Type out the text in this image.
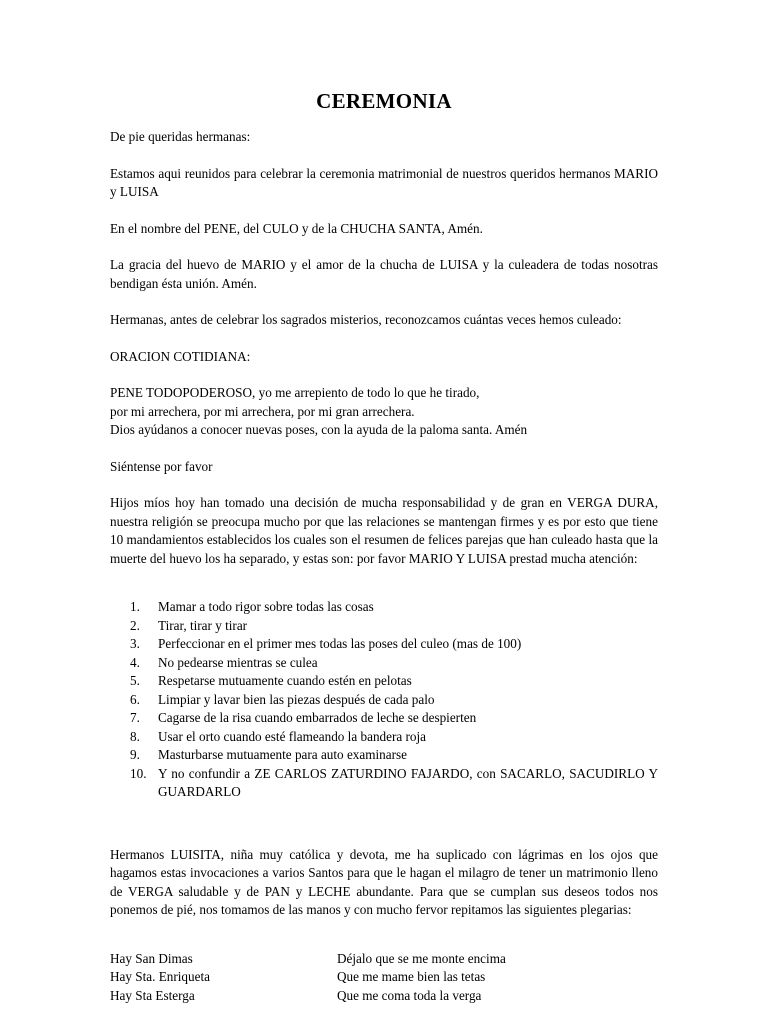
CEREMONIA

De pie queridas hermanas:

Estamos aqui reunidos para celebrar la ceremonia matrimonial de nuestros queridos hermanos MARIO y LUISA

En el nombre del PENE, del CULO y de la CHUCHA SANTA, Amén.

La gracia del huevo de MARIO y el amor de la chucha de LUISA y la culeadera de todas nosotras bendigan ésta unión. Amén.

Hermanas, antes de celebrar los sagrados misterios, reconozcamos cuántas veces hemos culeado:

ORACION COTIDIANA:

PENE TODOPODEROSO, yo me arrepiento de todo lo que he tirado,
por mi arrechera, por mi arrechera, por mi gran arrechera.
Dios ayúdanos a conocer nuevas poses, con la ayuda de la paloma santa. Amén

Siéntense por favor

Hijos míos hoy han tomado una decisión de mucha responsabilidad y de gran en VERGA DURA, nuestra religión se preocupa mucho por que las relaciones se mantengan firmes y es por esto que tiene 10 mandamientos establecidos los cuales son el resumen de felices parejas que han culeado hasta que la muerte del huevo los ha separado, y estas son: por favor MARIO Y LUISA prestad mucha atención:

1.	Mamar a todo rigor sobre todas las cosas
2.	Tirar, tirar y tirar
3.	Perfeccionar en el primer mes todas las poses del culeo (mas de 100)
4.	No pedearse mientras se culea
5.	Respetarse mutuamente cuando estén en pelotas
6.	Limpiar y lavar bien las piezas después de cada palo
7.	Cagarse de la risa cuando embarrados de leche se despierten
8.	Usar el orto cuando esté flameando la bandera roja
9.	Masturbarse mutuamente para auto examinarse
10. Y no confundir a ZE CARLOS ZATURDINO FAJARDO, con SACARLO, SACUDIRLO Y GUARDARLO

Hermanos LUISITA, niña muy católica y devota, me ha suplicado con lágrimas en los ojos que hagamos estas invocaciones a varios Santos para que le hagan el milagro de tener un matrimonio lleno de VERGA saludable y de PAN y LECHE abundante. Para que se cumplan sus deseos todos nos ponemos de pié, nos tomamos de las manos y con mucho fervor repitamos las siguientes plegarias:

Hay San Dimas	Déjalo que se me monte encima
Hay Sta. Enriqueta	Que me mame bien las tetas
Hay Sta Esterga	Que me coma toda la verga
